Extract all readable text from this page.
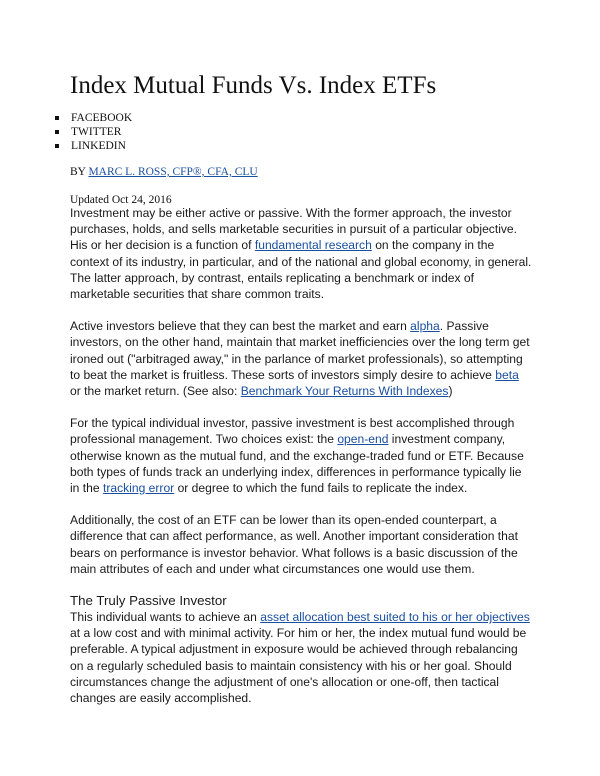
Index Mutual Funds Vs. Index ETFs
FACEBOOK
TWITTER
LINKEDIN
BY MARC L. ROSS, CFP®, CFA, CLU
Updated Oct 24, 2016

Investment may be either active or passive. With the former approach, the investor purchases, holds, and sells marketable securities in pursuit of a particular objective. His or her decision is a function of fundamental research on the company in the context of its industry, in particular, and of the national and global economy, in general. The latter approach, by contrast, entails replicating a benchmark or index of marketable securities that share common traits.

Active investors believe that they can best the market and earn alpha. Passive investors, on the other hand, maintain that market inefficiencies over the long term get ironed out ("arbitraged away," in the parlance of market professionals), so attempting to beat the market is fruitless. These sorts of investors simply desire to achieve beta or the market return. (See also: Benchmark Your Returns With Indexes)

For the typical individual investor, passive investment is best accomplished through professional management. Two choices exist: the open-end investment company, otherwise known as the mutual fund, and the exchange-traded fund or ETF. Because both types of funds track an underlying index, differences in performance typically lie in the tracking error or degree to which the fund fails to replicate the index.

Additionally, the cost of an ETF can be lower than its open-ended counterpart, a difference that can affect performance, as well. Another important consideration that bears on performance is investor behavior. What follows is a basic discussion of the main attributes of each and under what circumstances one would use them.

The Truly Passive Investor

This individual wants to achieve an asset allocation best suited to his or her objectives at a low cost and with minimal activity. For him or her, the index mutual fund would be preferable. A typical adjustment in exposure would be achieved through rebalancing on a regularly scheduled basis to maintain consistency with his or her goal. Should circumstances change the adjustment of one's allocation or one-off, then tactical changes are easily accomplished.
